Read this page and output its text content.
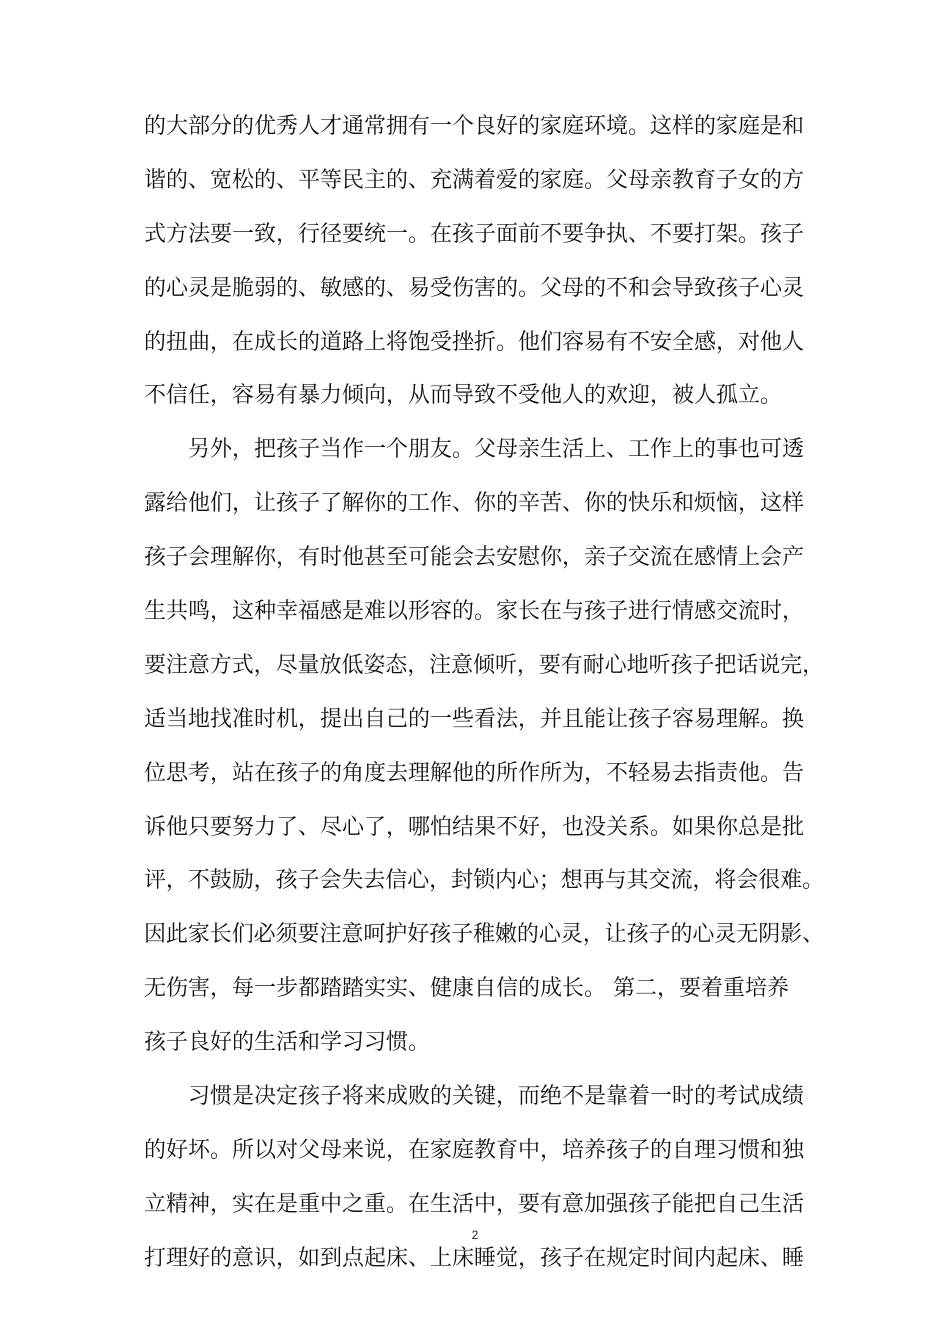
的大部分的优秀人才通常拥有一个良好的家庭环境。这样的家庭是和
谐的、宽松的、平等民主的、充满着爱的家庭。父母亲教育子女的方
式方法要一致，行径要统一。在孩子面前不要争执、不要打架。孩子
的心灵是脆弱的、敏感的、易受伤害的。父母的不和会导致孩子心灵
的扭曲，在成长的道路上将饱受挫折。他们容易有不安全感，对他人
不信任，容易有暴力倾向，从而导致不受他人的欢迎，被人孤立。
另外，把孩子当作一个朋友。父母亲生活上、工作上的事也可透
露给他们，让孩子了解你的工作、你的辛苦、你的快乐和烦恼，这样
孩子会理解你，有时他甚至可能会去安慰你，亲子交流在感情上会产
生共鸣，这种幸福感是难以形容的。家长在与孩子进行情感交流时，
要注意方式，尽量放低姿态，注意倾听，要有耐心地听孩子把话说完，
适当地找准时机，提出自己的一些看法，并且能让孩子容易理解。换
位思考，站在孩子的角度去理解他的所作所为，不轻易去指责他。告
诉他只要努力了、尽心了，哪怕结果不好，也没关系。如果你总是批
评，不鼓励，孩子会失去信心，封锁内心；想再与其交流，将会很难。
因此家长们必须要注意呵护好孩子稚嫩的心灵，让孩子的心灵无阴影、
无伤害，每一步都踏踏实实、健康自信的成长。 第二，要着重培养
孩子良好的生活和学习习惯。
习惯是决定孩子将来成败的关键，而绝不是靠着一时的考试成绩
的好坏。所以对父母来说，在家庭教育中，培养孩子的自理习惯和独
立精神，实在是重中之重。在生活中，要有意加强孩子能把自己生活
打理好的意识，如到点起床、上床睡觉，孩子在规定时间内起床、睡
2
